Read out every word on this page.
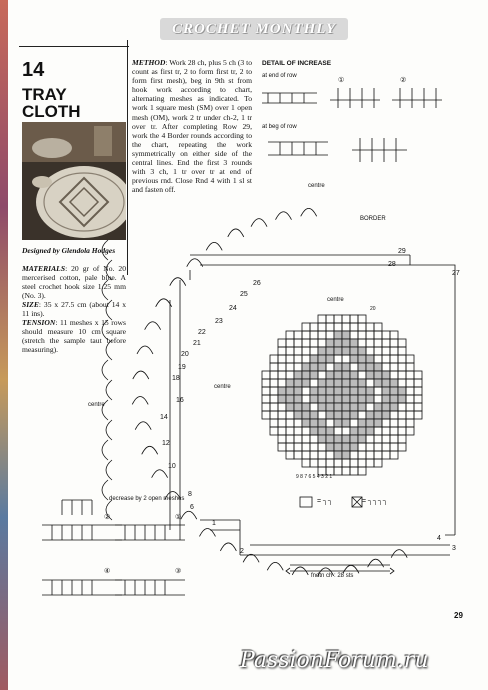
CROCHET MONTHLY
14
TRAY
CLOTH
Designed by Glendola Hodges
MATERIALS: 20 gr of No. 20 mercerised cotton, pale blue. A steel crochet hook size 1.25 mm (No. 3).
SIZE: 35 x 27.5 cm (about 14 x 11 ins).
TENSION: 11 meshes x 15 rows should measure 10 cm square (stretch the sample taut before measuring).
METHOD: Work 28 ch, plus 5 ch (3 to count as first tr, 2 to form first tr, 2 to form first mesh), beg in 9th st from hook work according to chart, alternating meshes as indicated. To work 1 square mesh (SM) over 1 open mesh (OM), work 2 tr under ch-2, 1 tr over tr. After completing Row 29, work the 4 Border rounds according to the chart, repeating the work symmetrically on either side of the central lines. End the first 3 rounds with 3 ch, 1 tr over tr at end of previous rnd. Close Rnd 4 with 1 sl st and fasten off.
DETAIL OF INCREASE
at end of row
at beg of row
centre
BORDER
centre
centre
centre
decrease by 2 open meshes
fndtn ch : 28 sts
= ┐┐	= ┐┐┐┐
9 8 7 6 5 4 3 2 1
20
①	②
②	①
④	③
29
28
27
26
25
24
23
22
21
20
19
18
16
14
12
10
8
6
4
3
2
1
29
PassionForum.ru
